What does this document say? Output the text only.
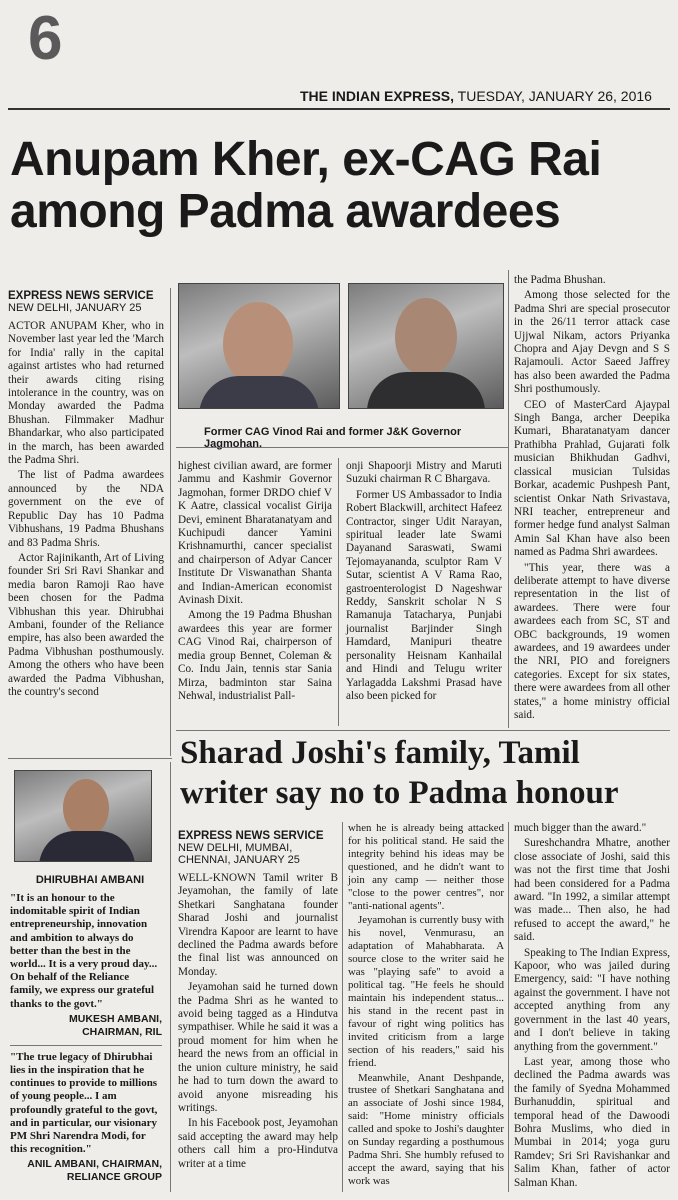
6
THE INDIAN EXPRESS, TUESDAY, JANUARY 26, 2016
Anupam Kher, ex-CAG Rai
among Padma awardees
EXPRESS NEWS SERVICE
NEW DELHI, JANUARY 25

ACTOR ANUPAM Kher, who in November last year led the 'March for India' rally in the capital against artistes who had returned their awards citing rising intolerance in the country, was on Monday awarded the Padma Bhushan. Filmmaker Madhur Bhandarkar, who also participated in the march, has been awarded the Padma Shri.

The list of Padma awardees announced by the NDA government on the eve of Republic Day has 10 Padma Vibhushans, 19 Padma Bhushans and 83 Padma Shris.

Actor Rajinikanth, Art of Living founder Sri Sri Ravi Shankar and media baron Ramoji Rao have been chosen for the Padma Vibhushan this year. Dhirubhai Ambani, founder of the Reliance empire, has also been awarded the Padma Vibhushan posthumously. Among the others who have been awarded the Padma Vibhushan, the country's second

Former CAG Vinod Rai and former J&K Governor Jagmohan.

highest civilian award, are former Jammu and Kashmir Governor Jagmohan, former DRDO chief V K Aatre, classical vocalist Girija Devi, eminent Bharatanatyam and Kuchipudi dancer Yamini Krishnamurthi, cancer specialist and chairperson of Adyar Cancer Institute Dr Viswanathan Shanta and Indian-American economist Avinash Dixit.

Among the 19 Padma Bhushan awardees this year are former CAG Vinod Rai, chairperson of media group Bennet, Coleman & Co. Indu Jain, tennis star Sania Mirza, badminton star Saina Nehwal, industrialist Pall-

onji Shapoorji Mistry and Maruti Suzuki chairman R C Bhargava.

Former US Ambassador to India Robert Blackwill, architect Hafeez Contractor, singer Udit Narayan, spiritual leader late Swami Dayanand Saraswati, Swami Tejomayananda, sculptor Ram V Sutar, scientist A V Rama Rao, gastroenterologist D Nageshwar Reddy, Sanskrit scholar N S Ramanuja Tatacharya, Punjabi journalist Barjinder Singh Hamdard, Manipuri theatre personality Heisnam Kanhailal and Hindi and Telugu writer Yarlagadda Lakshmi Prasad have also been picked for

the Padma Bhushan.

Among those selected for the Padma Shri are special prosecutor in the 26/11 terror attack case Ujjwal Nikam, actors Priyanka Chopra and Ajay Devgn and S S Rajamouli. Actor Saeed Jaffrey has also been awarded the Padma Shri posthumously.

CEO of MasterCard Ajaypal Singh Banga, archer Deepika Kumari, Bharatanatyam dancer Prathibha Prahlad, Gujarati folk musician Bhikhudan Gadhvi, classical musician Tulsidas Borkar, academic Pushpesh Pant, scientist Onkar Nath Srivastava, NRI teacher, entrepreneur and former hedge fund analyst Salman Amin Sal Khan have also been named as Padma Shri awardees.

"This year, there was a deliberate attempt to have diverse representation in the list of awardees. There were four awardees each from SC, ST and OBC backgrounds, 19 women awardees, and 19 awardees under the NRI, PIO and foreigners categories. Except for six states, there were awardees from all other states," a home ministry official said.

DHIRUBHAI AMBANI
"It is an honour to the indomitable spirit of Indian entrepreneurship, innovation and ambition to always do better than the best in the world... It is a very proud day... On behalf of the Reliance family, we express our grateful thanks to the govt."
MUKESH AMBANI,
CHAIRMAN, RIL
"The true legacy of Dhirubhai lies in the inspiration that he continues to provide to millions of young people... I am profoundly grateful to the govt, and in particular, our visionary PM Shri Narendra Modi, for this recognition."
ANIL AMBANI, CHAIRMAN,
RELIANCE GROUP
Sharad Joshi's family, Tamil
writer say no to Padma honour
EXPRESS NEWS SERVICE
NEW DELHI, MUMBAI, CHENNAI, JANUARY 25

WELL-KNOWN Tamil writer B Jeyamohan, the family of late Shetkari Sanghatana founder Sharad Joshi and journalist Virendra Kapoor are learnt to have declined the Padma awards before the final list was announced on Monday.

Jeyamohan said he turned down the Padma Shri as he wanted to avoid being tagged as a Hindutva sympathiser. While he said it was a proud moment for him when he heard the news from an official in the union culture ministry, he said he had to turn down the award to avoid anyone misreading his writings.

In his Facebook post, Jeyamohan said accepting the award may help others call him a pro-Hindutva writer at a time

when he is already being attacked for his political stand. He said the integrity behind his ideas may be questioned, and he didn't want to join any camp — neither those "close to the power centres", nor "anti-national agents".

Jeyamohan is currently busy with his novel, Venmurasu, an adaptation of Mahabharata. A source close to the writer said he was "playing safe" to avoid a political tag. "He feels he should maintain his independent status... his stand in the recent past in favour of right wing politics has invited criticism from a large section of his readers," said his friend.

Meanwhile, Anant Deshpande, trustee of Shetkari Sanghatana and an associate of Joshi since 1984, said: "Home ministry officials called and spoke to Joshi's daughter on Sunday regarding a posthumous Padma Shri. She humbly refused to accept the award, saying that his work was

much bigger than the award."

Sureshchandra Mhatre, another close associate of Joshi, said this was not the first time that Joshi had been considered for a Padma award. "In 1992, a similar attempt was made... Then also, he had refused to accept the award," he said.

Speaking to The Indian Express, Kapoor, who was jailed during Emergency, said: "I have nothing against the government. I have not accepted anything from any government in the last 40 years, and I don't believe in taking anything from the government."

Last year, among those who declined the Padma awards was the family of Syedna Mohammed Burhanuddin, spiritual and temporal head of the Dawoodi Bohra Muslims, who died in Mumbai in 2014; yoga guru Ramdev; Sri Sri Ravishankar and Salim Khan, father of actor Salman Khan.
